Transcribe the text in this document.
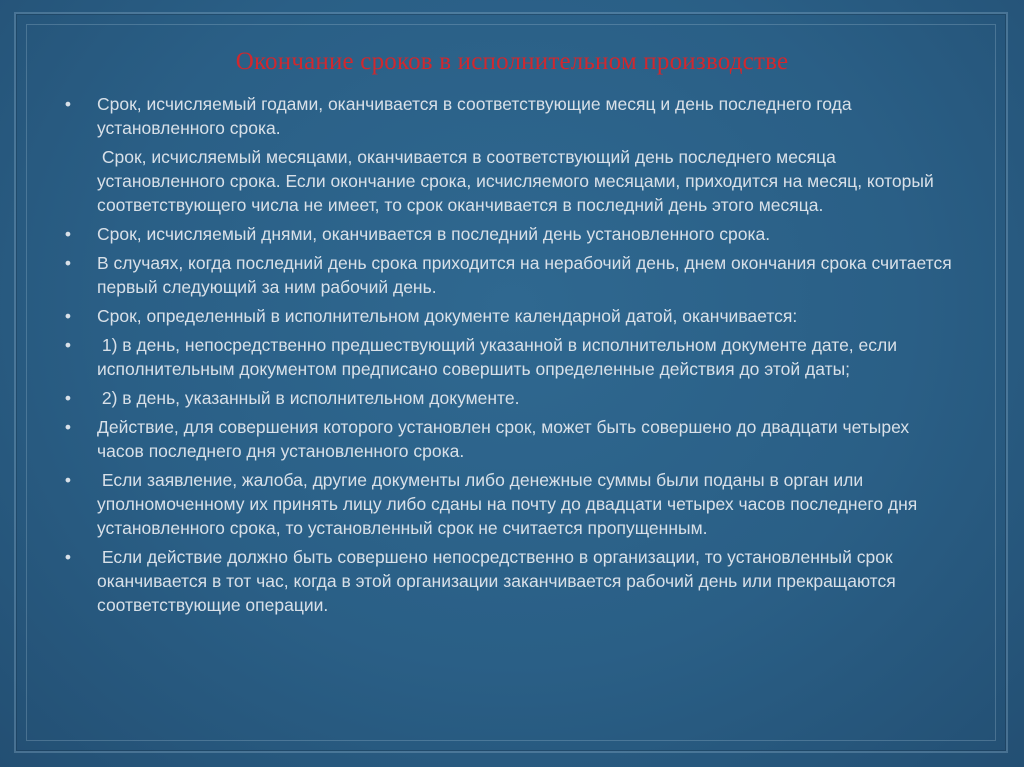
Окончание сроков в исполнительном производстве
• Срок, исчисляемый годами, оканчивается в соответствующие месяц и день последнего года установленного срока.
Срок, исчисляемый месяцами, оканчивается в соответствующий день последнего месяца установленного срока. Если окончание срока, исчисляемого месяцами, приходится на месяц, который соответствующего числа не имеет, то срок оканчивается в последний день этого месяца.
• Срок, исчисляемый днями, оканчивается в последний день установленного срока.
• В случаях, когда последний день срока приходится на нерабочий день, днем окончания срока считается первый следующий за ним рабочий день.
• Срок, определенный в исполнительном документе календарной датой, оканчивается:
• 1) в день, непосредственно предшествующий указанной в исполнительном документе дате, если исполнительным документом предписано совершить определенные действия до этой даты;
• 2) в день, указанный в исполнительном документе.
• Действие, для совершения которого установлен срок, может быть совершено до двадцати четырех часов последнего дня установленного срока.
• Если заявление, жалоба, другие документы либо денежные суммы были поданы в орган или уполномоченному их принять лицу либо сданы на почту до двадцати четырех часов последнего дня установленного срока, то установленный срок не считается пропущенным.
• Если действие должно быть совершено непосредственно в организации, то установленный срок оканчивается в тот час, когда в этой организации заканчивается рабочий день или прекращаются соответствующие операции.
